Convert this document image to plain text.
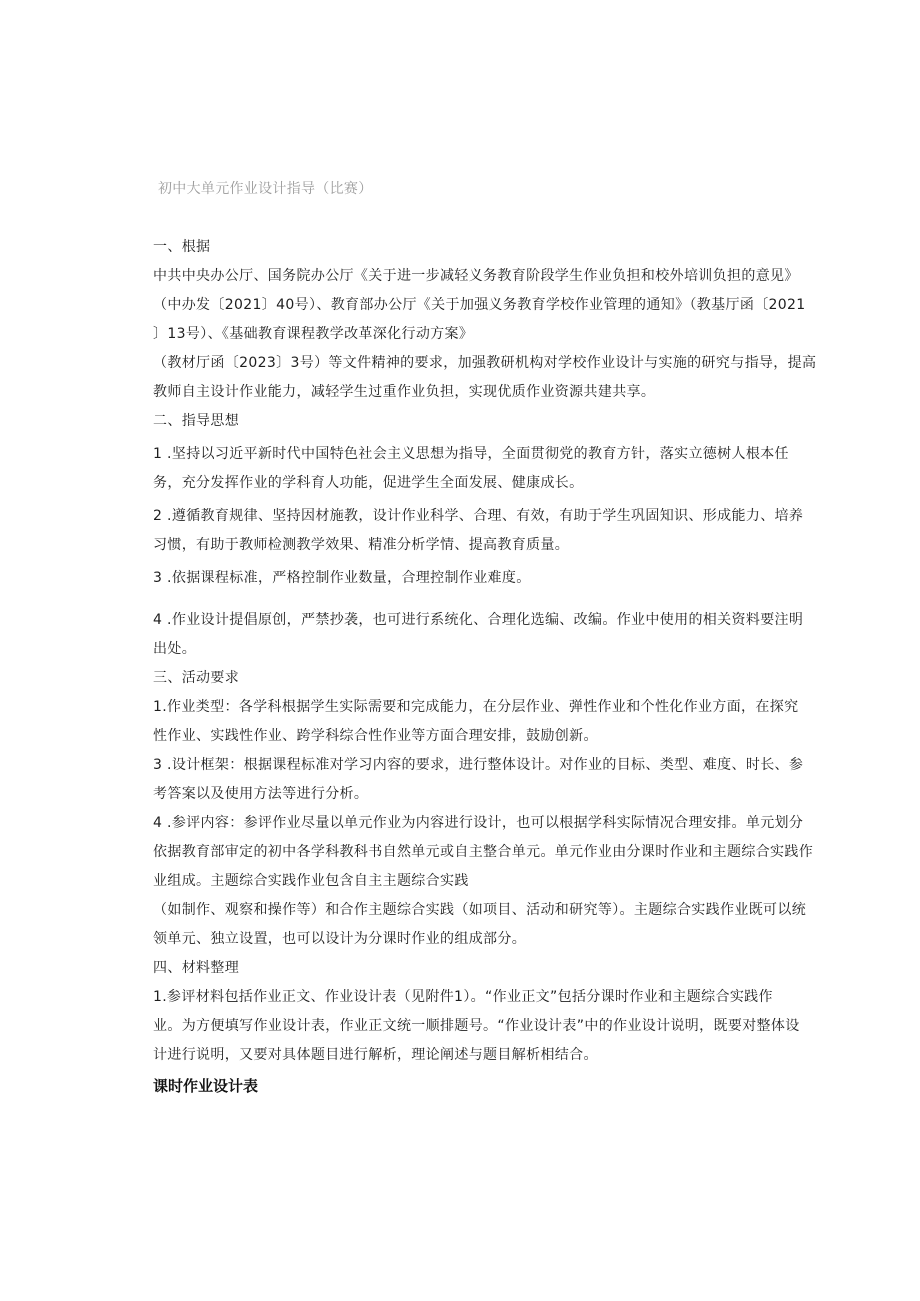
初中大单元作业设计指导（比赛）
一、根据
中共中央办公厅、国务院办公厅《关于进一步减轻义务教育阶段学生作业负担和校外培训负担的意见》
（中办发〔2021〕40号）、教育部办公厅《关于加强义务教育学校作业管理的通知》（教基厅函〔2021
〕13号）、《基础教育课程教学改革深化行动方案》
（教材厅函〔2023〕3号）等文件精神的要求，加强教研机构对学校作业设计与实施的研究与指导，提高
教师自主设计作业能力，减轻学生过重作业负担，实现优质作业资源共建共享。
二、指导思想
1 .坚持以习近平新时代中国特色社会主义思想为指导，全面贯彻党的教育方针，落实立德树人根本任
务，充分发挥作业的学科育人功能，促进学生全面发展、健康成长。
2 .遵循教育规律、坚持因材施教，设计作业科学、合理、有效，有助于学生巩固知识、形成能力、培养
习惯，有助于教师检测教学效果、精准分析学情、提高教育质量。
3 .依据课程标准，严格控制作业数量，合理控制作业难度。
4 .作业设计提倡原创，严禁抄袭，也可进行系统化、合理化选编、改编。作业中使用的相关资料要注明
出处。
三、活动要求
1.作业类型：各学科根据学生实际需要和完成能力，在分层作业、弹性作业和个性化作业方面，在探究
性作业、实践性作业、跨学科综合性作业等方面合理安排，鼓励创新。
3 .设计框架：根据课程标准对学习内容的要求，进行整体设计。对作业的目标、类型、难度、时长、参
考答案以及使用方法等进行分析。
4 .参评内容：参评作业尽量以单元作业为内容进行设计，也可以根据学科实际情况合理安排。单元划分
依据教育部审定的初中各学科教科书自然单元或自主整合单元。单元作业由分课时作业和主题综合实践作
业组成。主题综合实践作业包含自主主题综合实践
（如制作、观察和操作等）和合作主题综合实践（如项目、活动和研究等）。主题综合实践作业既可以统
领单元、独立设置，也可以设计为分课时作业的组成部分。
四、材料整理
1.参评材料包括作业正文、作业设计表（见附件1）。“作业正文”包括分课时作业和主题综合实践作
业。为方便填写作业设计表，作业正文统一顺排题号。“作业设计表”中的作业设计说明，既要对整体设
计进行说明，又要对具体题目进行解析，理论阐述与题目解析相结合。
课时作业设计表
